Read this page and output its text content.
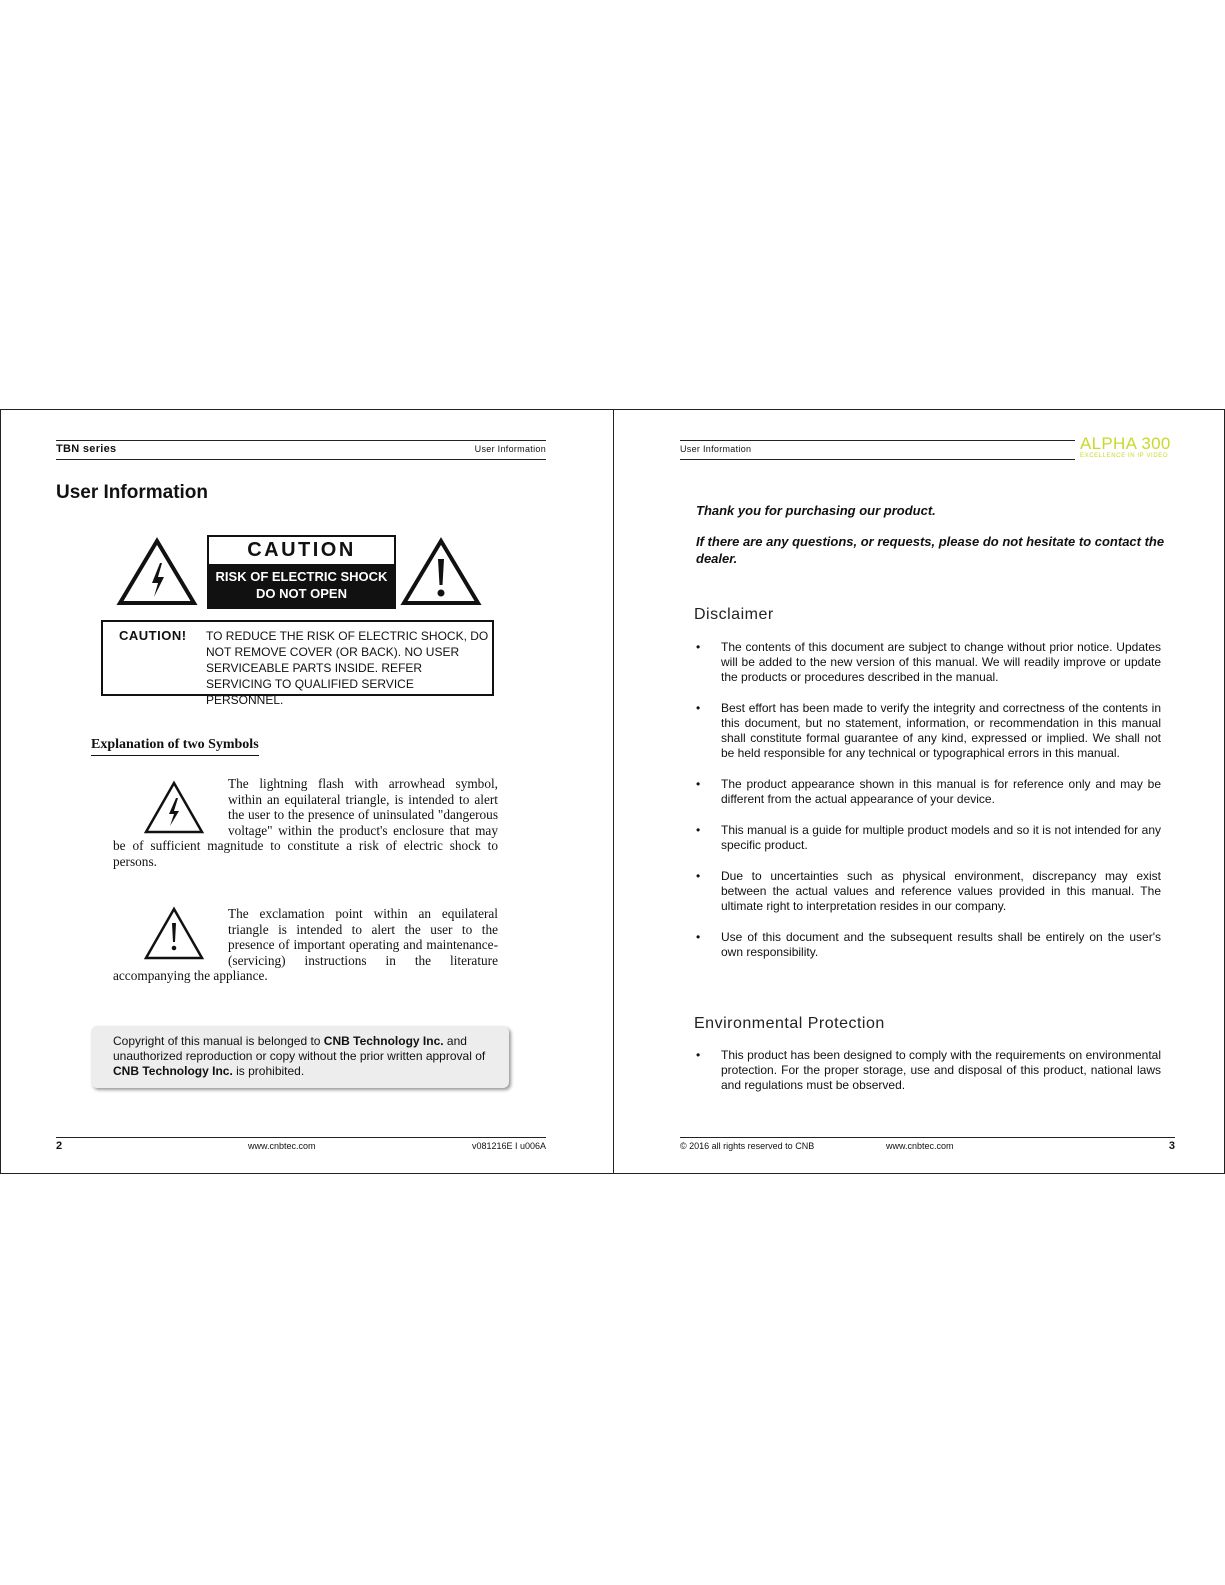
TBN series	User Information
User Information
CAUTION
RISK OF ELECTRIC SHOCK
DO NOT OPEN
CAUTION! TO REDUCE THE RISK OF ELECTRIC SHOCK, DO NOT REMOVE COVER (OR BACK). NO USER SERVICEABLE PARTS INSIDE. REFER SERVICING TO QUALIFIED SERVICE PERSONNEL.
Explanation of two Symbols
The lightning flash with arrowhead symbol, within an equilateral triangle, is intended to alert the user to the presence of uninsulated "dangerous voltage" within the product's enclosure that may be of sufficient magnitude to constitute a risk of electric shock to persons.
The exclamation point within an equilateral triangle is intended to alert the user to the presence of important operating and maintenance-(servicing) instructions in the literature accompanying the appliance.
Copyright of this manual is belonged to CNB Technology Inc. and unauthorized reproduction or copy without the prior written approval of CNB Technology Inc. is prohibited.
2	www.cnbtec.com	v081216E I u006A
User Information	ALPHA 300
EXCELLENCE IN IP VIDEO

Thank you for purchasing our product.

If there are any questions, or requests, please do not hesitate to contact the dealer.

Disclaimer
• The contents of this document are subject to change without prior notice. Updates will be added to the new version of this manual. We will readily improve or update the products or procedures described in the manual.
• Best effort has been made to verify the integrity and correctness of the contents in this document, but no statement, information, or recommendation in this manual shall constitute formal guarantee of any kind, expressed or implied. We shall not be held responsible for any technical or typographical errors in this manual.
• The product appearance shown in this manual is for reference only and may be different from the actual appearance of your device.
• This manual is a guide for multiple product models and so it is not intended for any specific product.
• Due to uncertainties such as physical environment, discrepancy may exist between the actual values and reference values provided in this manual. The ultimate right to interpretation resides in our company.
• Use of this document and the subsequent results shall be entirely on the user's own responsibility.
Environmental Protection
• This product has been designed to comply with the requirements on environmental protection. For the proper storage, use and disposal of this product, national laws and regulations must be observed.
© 2016 all rights reserved to CNB	www.cnbtec.com	3
